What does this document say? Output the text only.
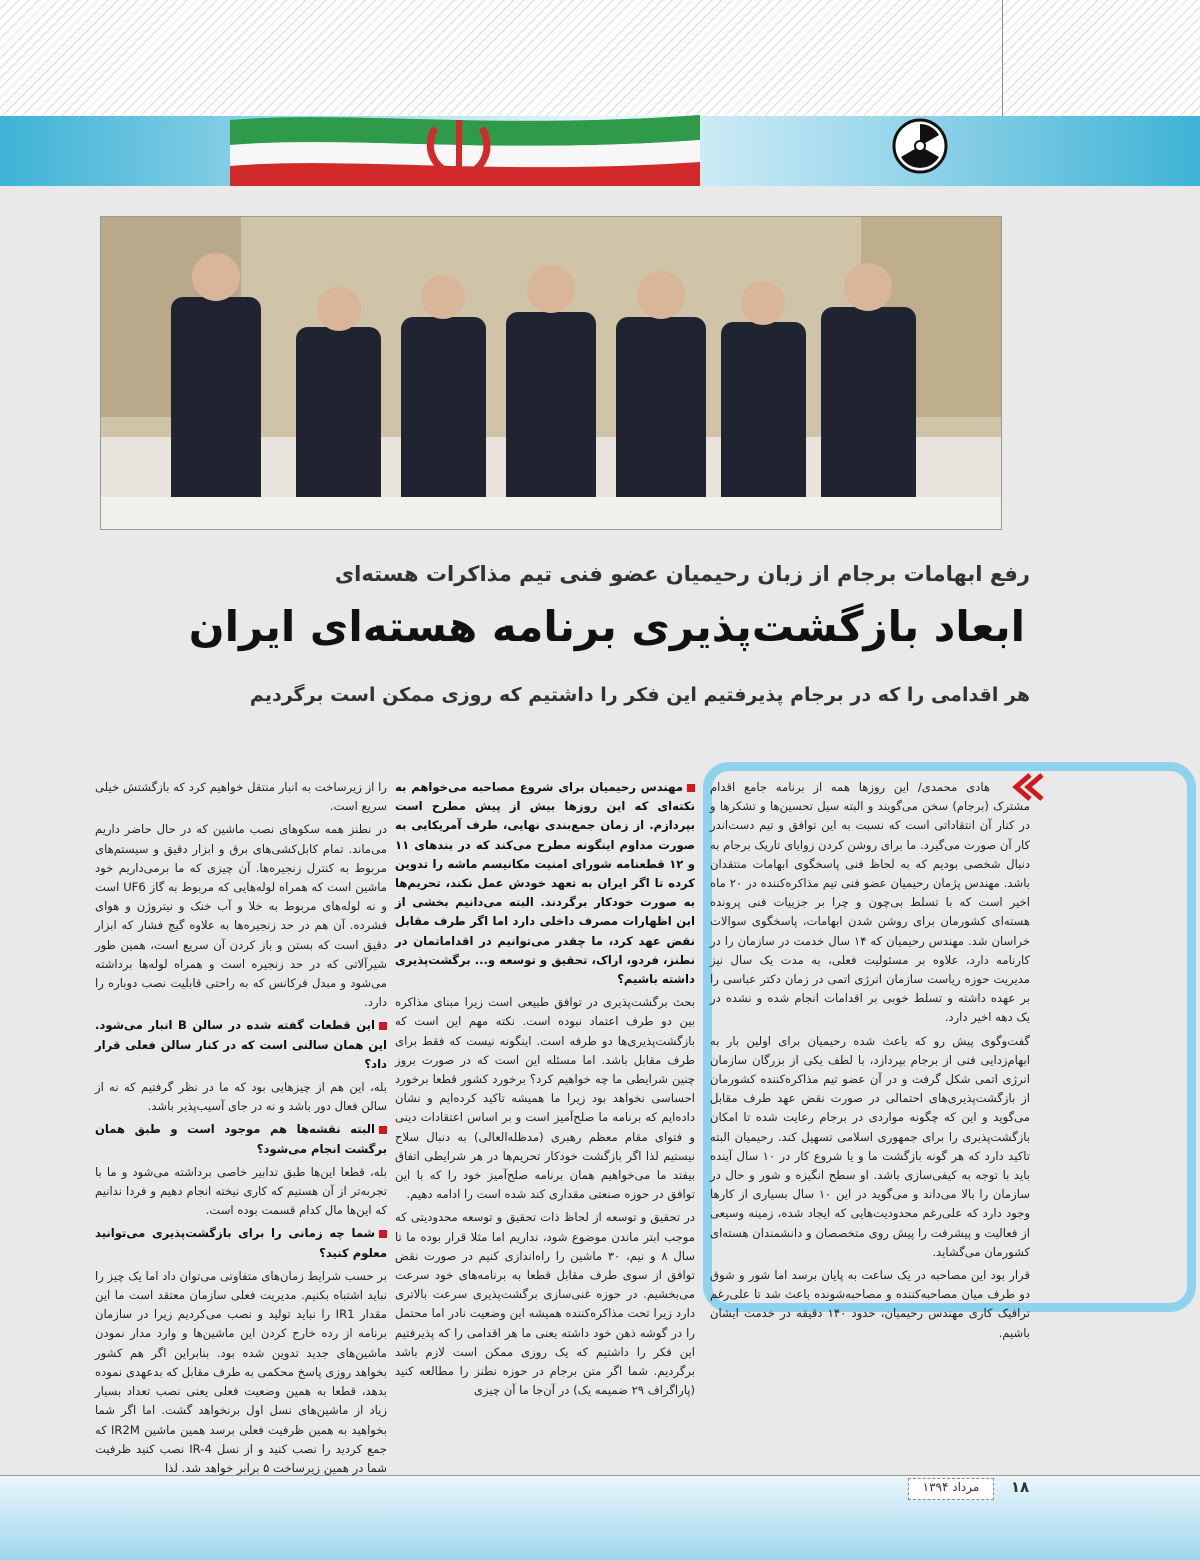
رفع ابهامات برجام از زبان رحیمیان عضو فنی تیم مذاکرات هسته‌ای
ابعاد بازگشت‌پذیری برنامه هسته‌ای ایران
هر اقدامی را که در برجام پذیرفتیم این فکر را داشتیم که روزی ممکن است برگردیم

هادی محمدی/ این روزها همه از برنامه جامع اقدام مشترک (برجام) سخن می‌گویند و البته سیل تحسین‌ها و تشکرها و در کنار آن انتقاداتی است که نسبت به این توافق و تیم دست‌اندر کار آن صورت می‌گیرد. ما برای روشن کردن زوایای تاریک برجام به دنبال شخصی بودیم که به لحاظ فنی پاسخگوی ابهامات منتقدان باشد. مهندس پژمان رحیمیان عضو فنی تیم مذاکره‌کننده در ۲۰ ماه اخیر است که با تسلط بی‌چون و چرا بر جزییات فنی پرونده هسته‌ای کشورمان برای روشن شدن ابهامات، پاسخگوی سوالات خراسان شد. مهندس رحیمیان که ۱۴ سال خدمت در سازمان را در کارنامه دارد، علاوه بر مسئولیت فعلی، به مدت یک سال نیز مدیریت حوزه ریاست سازمان انرژی اتمی در زمان دکتر عباسی را بر عهده داشته و تسلط خوبی بر اقدامات انجام شده و نشده در یک دهه اخیر دارد.

گفت‌وگوی پیش رو که باعث شده رحیمیان برای اولین بار به ابهام‌زدایی فنی از برجام بپردازد، با لطف یکی از بزرگان سازمان انرژی اتمی شکل گرفت و در آن عضو تیم مذاکره‌کننده کشورمان از بازگشت‌پذیری‌های احتمالی در صورت نقض عهد طرف مقابل می‌گوید و این که چگونه مواردی در برجام رعایت شده تا امکان بازگشت‌پذیری را برای جمهوری اسلامی تسهیل کند. رحیمیان البته تاکید دارد که هر گونه بازگشت ما و یا شروع کار در ۱۰ سال آینده باید با توجه به کیفی‌سازی باشد. او سطح انگیزه و شور و حال در سازمان را بالا می‌داند و می‌گوید در این ۱۰ سال بسیاری از کارها وجود دارد که علی‌رغم محدودیت‌هایی که ایجاد شده، زمینه وسیعی از فعالیت و پیشرفت را پیش روی متخصصان و دانشمندان هسته‌ای کشورمان می‌گشاید.

قرار بود این مصاحبه در یک ساعت به پایان برسد اما شور و شوق دو طرف میان مصاحبه‌کننده و مصاحبه‌شونده باعث شد تا علی‌رغم ترافیک کاری مهندس رحیمیان، حدود ۱۴۰ دقیقه در خدمت ایشان باشیم.

مهندس رحیمیان برای شروع مصاحبه می‌خواهم به نکته‌ای که این روزها بیش از پیش مطرح است بپردازم. از زمان جمع‌بندی نهایی، طرف آمریکایی به صورت مداوم اینگونه مطرح می‌کند که در بندهای ۱۱ و ۱۲ قطعنامه شورای امنیت مکانیسم ماشه را تدوین کرده تا اگر ایران به تعهد خودش عمل نکند، تحریم‌ها به صورت خودکار برگردند. البته می‌دانیم بخشی از این اظهارات مصرف داخلی دارد اما اگر طرف مقابل نقض عهد کرد، ما چقدر می‌توانیم در اقداماتمان در نطنز، فردو، اراک، تحقیق و توسعه و... برگشت‌پذیری داشته باشیم؟

بحث برگشت‌پذیری در توافق طبیعی است زیرا مبنای مذاکره بین دو طرف اعتماد نبوده است. نکته مهم این است که بازگشت‌پذیری‌ها دو طرفه است. اینگونه نیست که فقط برای طرف مقابل باشد. اما مسئله این است که در صورت بروز چنین شرایطی ما چه خواهیم کرد؟ برخورد کشور قطعا برخورد احساسی نخواهد بود زیرا ما همیشه تاکید کرده‌ایم و نشان داده‌ایم که برنامه ما صلح‌آمیز است و بر اساس اعتقادات دینی و فتوای مقام معظم رهبری (مدظله‌العالی) به دنبال سلاح نیستیم لذا اگر بازگشت خودکار تحریم‌ها در هر شرایطی اتفاق بیفتد ما می‌خواهیم همان برنامه صلح‌آمیز خود را که با این توافق در حوزه صنعتی مقداری کند شده است را ادامه دهیم.

در تحقیق و توسعه از لحاظ ذات تحقیق و توسعه محدودیتی که موجب ابتر ماندن موضوع شود، نداریم اما مثلا قرار بوده ما تا سال ۸ و نیم، ۳۰ ماشین را راه‌اندازی کنیم در صورت نقض توافق از سوی طرف مقابل قطعا به برنامه‌های خود سرعت می‌بخشیم. در حوزه غنی‌سازی برگشت‌پذیری سرعت بالاتری دارد زیرا تحت مذاکره‌کننده همیشه این وضعیت نادر اما محتمل را در گوشه ذهن خود داشته یعنی ما هر اقدامی را که پذیرفتیم این فکر را داشتیم که یک روزی ممکن است لازم باشد برگردیم. شما اگر متن برجام در حوزه نطنز را مطالعه کنید (پاراگراف ۲۹ ضمیمه یک) در آن‌جا ما آن چیزی

را از زیرساخت به انبار منتقل خواهیم کرد که بازگشتش خیلی سریع است.

در نطنز همه سکوهای نصب ماشین که در حال حاضر داریم می‌ماند. تمام کابل‌کشی‌های برق و ابزار دقیق و سیستم‌های مربوط به کنترل زنجیره‌ها. آن چیزی که ما برمی‌داریم خود ماشین است که همراه لوله‌هایی که مربوط به گاز UF6 است و نه لوله‌های مربوط به خلا و آب خنک و نیتروژن و هوای فشرده. آن هم در حد زنجیره‌ها به علاوه گیج فشار که ابزار دقیق است که بستن و باز کردن آن سریع است، همین طور شیرآلاتی که در حد زنجیره است و همراه لوله‌ها برداشته می‌شود و مبدل فرکانس که به راحتی قابلیت نصب دوباره را دارد.

این قطعات گفته شده در سالن B انبار می‌شود. این همان سالنی است که در کنار سالن فعلی قرار داد؟

بله، این هم از چیزهایی بود که ما در نظر گرفتیم که نه از سالن فعال دور باشد و نه در جای آسیب‌پذیر باشد.

البته نقشه‌ها هم موجود است و طبق همان برگشت انجام می‌شود؟

بله، قطعا این‌ها طبق تدابیر خاصی برداشته می‌شود و ما با تجربه‌تر از آن هستیم که کاری نیخته انجام دهیم و فردا ندانیم که این‌ها مال کدام قسمت بوده است.

شما چه زمانی را برای بازگشت‌پذیری می‌توانید معلوم کنید؟

بر حسب شرایط زمان‌های متفاوتی می‌توان داد اما یک چیز را نباید اشتباه بکنیم. مدیریت فعلی سازمان معتقد است ما این مقدار IR1 را نباید تولید و نصب می‌کردیم زیرا در سازمان برنامه از رده خارج کردن این ماشین‌ها و وارد مدار نمودن ماشین‌های جدید تدوین شده بود. بنابراین اگر هم کشور بخواهد روزی پاسخ محکمی به طرف مقابل که بدعهدی نموده بدهد، قطعا به همین وضعیت فعلی یعنی نصب تعداد بسیار زیاد از ماشین‌های نسل اول برنخواهد گشت. اما اگر شما بخواهید به همین ظرفیت فعلی برسد همین ماشین IR2M که جمع کردید را نصب کنید و از نسل IR-4 نصب کنید ظرفیت شما در همین زیرساخت ۵ برابر خواهد شد. لذا

مرداد ۱۳۹۴	۱۸
